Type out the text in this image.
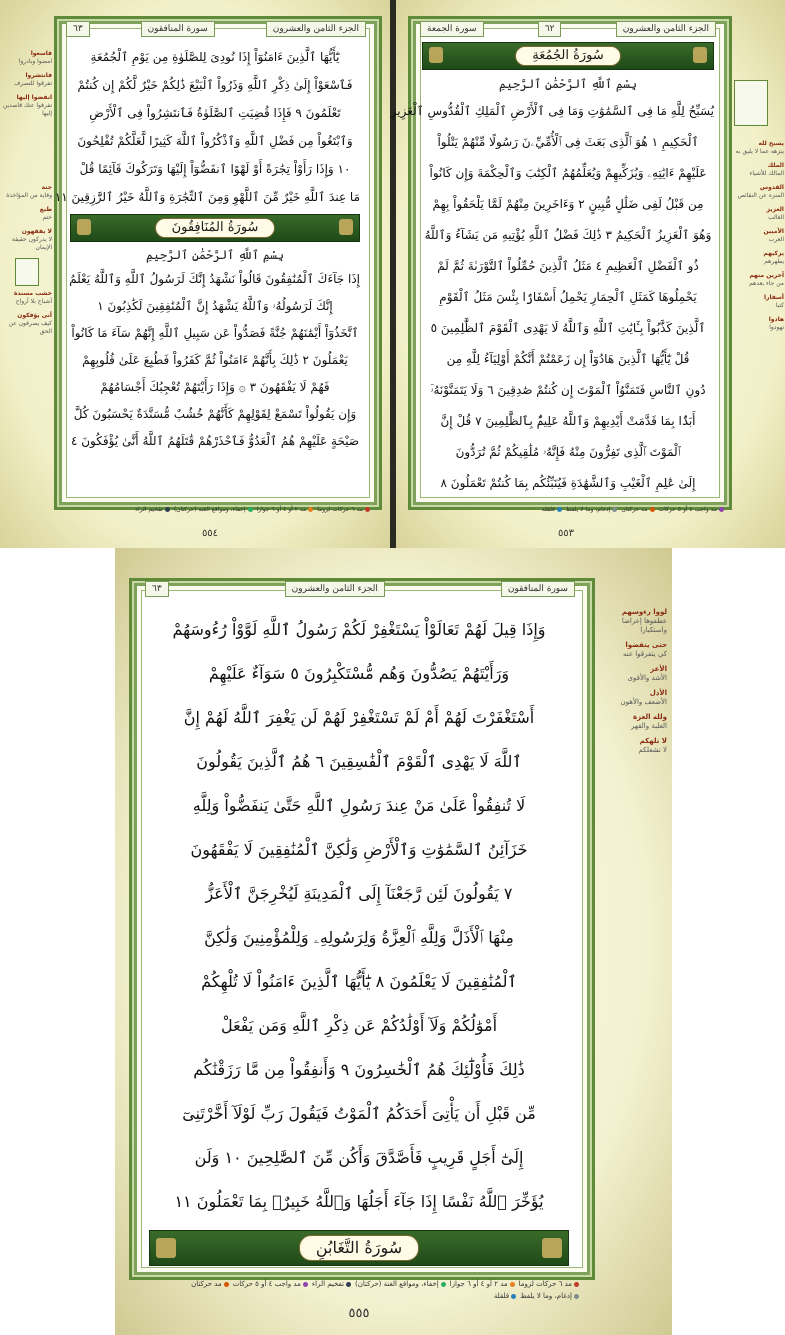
فاسعوا
امضوا وبادروا
فانتشروا
تفرقوا للتصرف
انفضوا إليها
تفرقوا عنك قاصدين إليها
جنة
وقاية من المؤاخذة
طبع
ختم
لا يفقهون
لا يدركون حقيقة الإيمان
خشب مسندة
أشباح بلا أرواح
أنى يؤفكون
كيف يصرفون عن الحق
٦٣	سورة المنافقون	الجزء الثامن والعشرون
يَٰٓأَيُّهَا ٱلَّذِينَ ءَامَنُوٓاْ إِذَا نُودِىَ لِلصَّلَوٰةِ مِن يَوْمِ ٱلْجُمُعَةِ
فَٱسْعَوْاْ إِلَىٰ ذِكْرِ ٱللَّهِ وَذَرُواْ ٱلْبَيْعَ ذَٰلِكُمْ خَيْرٌ لَّكُمْ إِن كُنتُمْ
تَعْلَمُونَ ٩ فَإِذَا قُضِيَتِ ٱلصَّلَوٰةُ فَٱنتَشِرُواْ فِى ٱلْأَرْضِ
وَٱبْتَغُواْ مِن فَضْلِ ٱللَّهِ وَٱذْكُرُواْ ٱللَّهَ كَثِيرًا لَّعَلَّكُمْ تُفْلِحُونَ
١٠ وَإِذَا رَأَوْاْ تِجَٰرَةً أَوْ لَهْوًا ٱنفَضُّوٓاْ إِلَيْهَا وَتَرَكُوكَ قَآئِمًا قُلْ
مَا عِندَ ٱللَّهِ خَيْرٌ مِّنَ ٱللَّهْوِ وَمِنَ ٱلتِّجَٰرَةِ وَٱللَّهُ خَيْرُ ٱلرَّٰزِقِينَ ١١
سُورَةُ المُنَافِقُونَ
بِسْمِ ٱللَّهِ ٱلرَّحْمَٰنِ ٱلرَّحِيمِ
إِذَا جَآءَكَ ٱلْمُنَٰفِقُونَ قَالُواْ نَشْهَدُ إِنَّكَ لَرَسُولُ ٱللَّهِ وَٱللَّهُ يَعْلَمُ
إِنَّكَ لَرَسُولُهُۥ وَٱللَّهُ يَشْهَدُ إِنَّ ٱلْمُنَٰفِقِينَ لَكَٰذِبُونَ ١
ٱتَّخَذُوٓاْ أَيْمَٰنَهُمْ جُنَّةً فَصَدُّواْ عَن سَبِيلِ ٱللَّهِ إِنَّهُمْ سَآءَ مَا كَانُواْ
يَعْمَلُونَ ٢ ذَٰلِكَ بِأَنَّهُمْ ءَامَنُواْ ثُمَّ كَفَرُواْ فَطُبِعَ عَلَىٰ قُلُوبِهِمْ
فَهُمْ لَا يَفْقَهُونَ ٣ ۞ وَإِذَا رَأَيْتَهُمْ تُعْجِبُكَ أَجْسَامُهُمْ
وَإِن يَقُولُواْ تَسْمَعْ لِقَوْلِهِمْ كَأَنَّهُمْ خُشُبٌ مُّسَنَّدَةٌ يَحْسَبُونَ كُلَّ
صَيْحَةٍ عَلَيْهِمْ هُمُ ٱلْعَدُوُّ فَٱحْذَرْهُمْ قَٰتَلَهُمُ ٱللَّهُ أَنَّىٰ يُؤْفَكُونَ ٤
مد ٦ حركات لزوما
مد ٢ أو ٤ أو ٦ جوازا
إخفاء، ومواقع الغنة (حركتان)
تفخيم الراء
٥٥٤
سورة الجمعة	٦٢	الجزء الثامن والعشرون
سُورَةُ الجُمُعَةِ
بِسْمِ ٱللَّهِ ٱلرَّحْمَٰنِ ٱلرَّحِيمِ
يُسَبِّحُ لِلَّهِ مَا فِى ٱلسَّمَٰوَٰتِ وَمَا فِى ٱلْأَرْضِ ٱلْمَلِكِ ٱلْقُدُّوسِ ٱلْعَزِيزِ
ٱلْحَكِيمِ ١ هُوَ ٱلَّذِى بَعَثَ فِى ٱلْأُمِّيِّۦنَ رَسُولًا مِّنْهُمْ يَتْلُواْ
عَلَيْهِمْ ءَايَٰتِهِۦ وَيُزَكِّيهِمْ وَيُعَلِّمُهُمُ ٱلْكِتَٰبَ وَٱلْحِكْمَةَ وَإِن كَانُواْ
مِن قَبْلُ لَفِى ضَلَٰلٍ مُّبِينٍ ٢ وَءَاخَرِينَ مِنْهُمْ لَمَّا يَلْحَقُواْ بِهِمْ
وَهُوَ ٱلْعَزِيزُ ٱلْحَكِيمُ ٣ ذَٰلِكَ فَضْلُ ٱللَّهِ يُؤْتِيهِ مَن يَشَآءُ وَٱللَّهُ
ذُو ٱلْفَضْلِ ٱلْعَظِيمِ ٤ مَثَلُ ٱلَّذِينَ حُمِّلُواْ ٱلتَّوْرَىٰةَ ثُمَّ لَمْ
يَحْمِلُوهَا كَمَثَلِ ٱلْحِمَارِ يَحْمِلُ أَسْفَارًۢا بِئْسَ مَثَلُ ٱلْقَوْمِ
ٱلَّذِينَ كَذَّبُواْ بِـَٔايَٰتِ ٱللَّهِ وَٱللَّهُ لَا يَهْدِى ٱلْقَوْمَ ٱلظَّٰلِمِينَ ٥
قُلْ يَٰٓأَيُّهَا ٱلَّذِينَ هَادُوٓاْ إِن زَعَمْتُمْ أَنَّكُمْ أَوْلِيَآءُ لِلَّهِ مِن
دُونِ ٱلنَّاسِ فَتَمَنَّوُاْ ٱلْمَوْتَ إِن كُنتُمْ صَٰدِقِينَ ٦ وَلَا يَتَمَنَّوْنَهُۥٓ
أَبَدًۢا بِمَا قَدَّمَتْ أَيْدِيهِمْ وَٱللَّهُ عَلِيمٌۢ بِٱلظَّٰلِمِينَ ٧ قُلْ إِنَّ
ٱلْمَوْتَ ٱلَّذِى تَفِرُّونَ مِنْهُ فَإِنَّهُۥ مُلَٰقِيكُمْ ثُمَّ تُرَدُّونَ
إِلَىٰ عَٰلِمِ ٱلْغَيْبِ وَٱلشَّهَٰدَةِ فَيُنَبِّئُكُم بِمَا كُنتُمْ تَعْمَلُونَ ٨
مد واجب ٤ أو ٥ حركات
مد حركتان
إدغام، وما لا يلفظ
قلقلة
٥٥٣
يسبح لله
ينزهه عما لا يليق به
الملك
المالك للأشياء
القدوس
المنزه عن النقائص
العزيز
الغالب
الأميين
العرب
يزكيهم
يطهرهم
آخرين منهم
من جاء بعدهم
أسفارا
كتبا
هادوا
تهودوا
٦٣	الجزء الثامن والعشرون	سورة المنافقون
وَإِذَا قِيلَ لَهُمْ تَعَالَوْاْ يَسْتَغْفِرْ لَكُمْ رَسُولُ ٱللَّهِ لَوَّوْاْ رُءُوسَهُمْ
وَرَأَيْتَهُمْ يَصُدُّونَ وَهُم مُّسْتَكْبِرُونَ ٥ سَوَآءٌ عَلَيْهِمْ
أَسْتَغْفَرْتَ لَهُمْ أَمْ لَمْ تَسْتَغْفِرْ لَهُمْ لَن يَغْفِرَ ٱللَّهُ لَهُمْ إِنَّ
ٱللَّهَ لَا يَهْدِى ٱلْقَوْمَ ٱلْفَٰسِقِينَ ٦ هُمُ ٱلَّذِينَ يَقُولُونَ
لَا تُنفِقُواْ عَلَىٰ مَنْ عِندَ رَسُولِ ٱللَّهِ حَتَّىٰ يَنفَضُّواْ وَلِلَّهِ
خَزَآئِنُ ٱلسَّمَٰوَٰتِ وَٱلْأَرْضِ وَلَٰكِنَّ ٱلْمُنَٰفِقِينَ لَا يَفْقَهُونَ
٧ يَقُولُونَ لَئِن رَّجَعْنَآ إِلَى ٱلْمَدِينَةِ لَيُخْرِجَنَّ ٱلْأَعَزُّ
مِنْهَا ٱلْأَذَلَّ وَلِلَّهِ ٱلْعِزَّةُ وَلِرَسُولِهِۦ وَلِلْمُؤْمِنِينَ وَلَٰكِنَّ
ٱلْمُنَٰفِقِينَ لَا يَعْلَمُونَ ٨ يَٰٓأَيُّهَا ٱلَّذِينَ ءَامَنُواْ لَا تُلْهِكُمْ
أَمْوَٰلُكُمْ وَلَآ أَوْلَٰدُكُمْ عَن ذِكْرِ ٱللَّهِ وَمَن يَفْعَلْ
ذَٰلِكَ فَأُوْلَٰٓئِكَ هُمُ ٱلْخَٰسِرُونَ ٩ وَأَنفِقُواْ مِن مَّا رَزَقْنَٰكُم
مِّن قَبْلِ أَن يَأْتِىَ أَحَدَكُمُ ٱلْمَوْتُ فَيَقُولَ رَبِّ لَوْلَآ أَخَّرْتَنِىٓ
إِلَىٰٓ أَجَلٍ قَرِيبٍ فَأَصَّدَّقَ وَأَكُن مِّنَ ٱلصَّٰلِحِينَ ١٠ وَلَن
يُؤَخِّرَ ٱللَّهُ نَفْسًا إِذَا جَآءَ أَجَلُهَا وَٱللَّهُ خَبِيرٌۢ بِمَا تَعْمَلُونَ ١١
سُورَةُ التَّغَابُنِ
لووا رءوسهم
عطفوها إعراضا واستكبارا
حتى ينفضوا
كي يتفرقوا عنه
الأعز
الأشد والأقوى
الأذل
الأضعف والأهون
ولله العزة
الغلبة والقهر
لا تلهكم
لا تشغلكم
مد ٦ حركات لزوما
مد ٢ أو ٤ أو ٦ جوازا
إخفاء، ومواقع الغنة (حركتان)
تفخيم الراء
مد واجب ٤ أو ٥ حركات
مد حركتان
إدغام، وما لا يلفظ
قلقلة
٥٥٥
